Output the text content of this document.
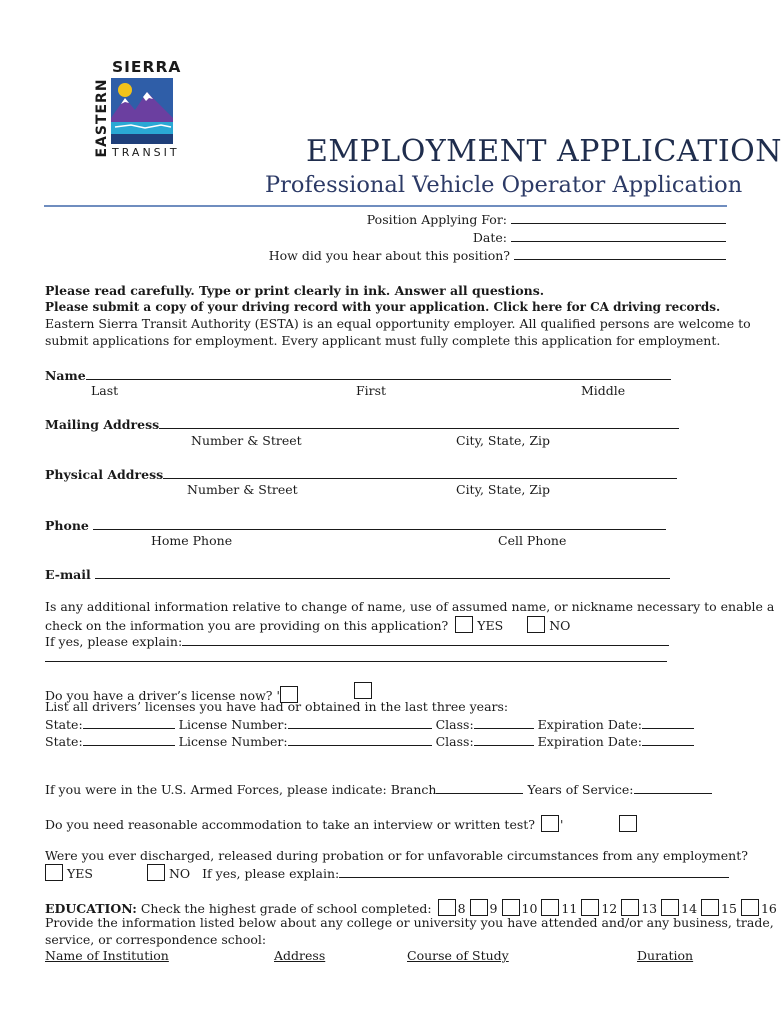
SIERRA
EASTERN TRANSIT	EMPLOYMENT APPLICATION
Professional Vehicle Operator Application
Position Applying For:
Date:
How did you hear about this position?
Please read carefully. Type or print clearly in ink. Answer all questions.
Please submit a copy of your driving record with your application. Click here for CA driving records.
Eastern Sierra Transit Authority (ESTA) is an equal opportunity employer. All qualified persons are welcome to
submit applications for employment. Every applicant must fully complete this application for employment.
Name
Last	First	Middle
Mailing Address
Number & Street	City, State, Zip
Physical Address
Number & Street	City, State, Zip
Phone
Home Phone	Cell Phone
E-mail
Is any additional information relative to change of name, use of assumed name, or nickname necessary to enable a
check on the information you are providing on this application? YES	NO
If yes, please explain:
Do you have a driver’s license now? '
List all drivers’ licenses you have had or obtained in the last three years:
State:	License Number:	Class:	Expiration Date:
State:	License Number:	Class:	Expiration Date:
If you were in the U.S. Armed Forces, please indicate: Branch	Years of Service:
Do you need reasonable accommodation to take an interview or written test? '
Were you ever discharged, released during probation or for unfavorable circumstances from any employment?
YES	NO If yes, please explain:
EDUCATION: Check the highest grade of school completed: 8 9 10 11 12 13 14 15 16
Provide the information listed below about any college or university you have attended and/or any business, trade,
service, or correspondence school:
Name of Institution	Address	Course of Study	Duration
